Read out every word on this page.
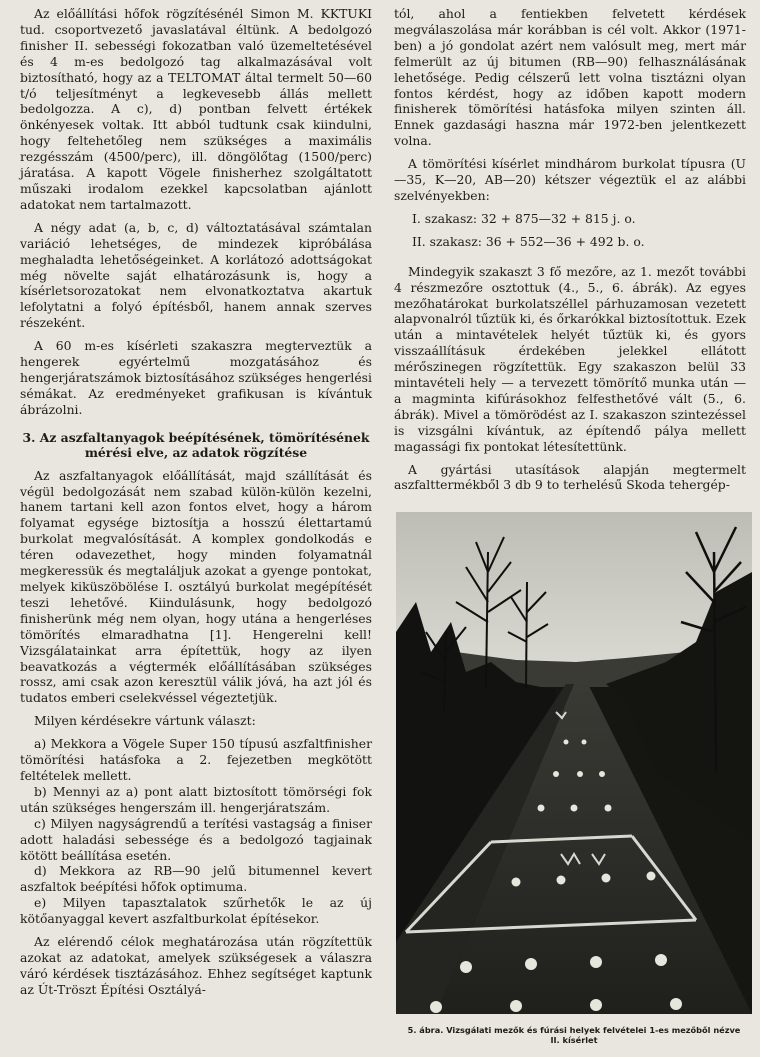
Az előállítási hőfok rögzítésénél Simon M. KKTUKI tud. csoportvezető javaslatával éltünk. A bedolgozó finisher II. sebességi fokozatban való üzemeltetésével és 4 m-es bedolgozó tag alkalmazásával volt biztosítható, hogy az a TELTOMAT által termelt 50—60 t/ó teljesítményt a legkevesebb állás mellett bedolgozza. A c), d) pontban felvett értékek önkényesek voltak. Itt abból tudtunk csak kiindulni, hogy feltehetőleg nem szükséges a maximális rezgésszám (4500/perc), ill. döngölőtag (1500/perc) járatása. A kapott Vögele finisherhez szolgáltatott műszaki irodalom ezekkel kapcsolatban ajánlott adatokat nem tartalmazott.

A négy adat (a, b, c, d) változtatásával számtalan variáció lehetséges, de mindezek kipróbálása meghaladta lehetőségeinket. A korlátozó adottságokat még növelte saját elhatározásunk is, hogy a kísérletsorozatokat nem elvonatkoztatva akartuk lefolytatni a folyó építésből, hanem annak szerves részeként.

A 60 m-es kísérleti szakaszra megterveztük a hengerek egyértelmű mozgatásához és hengerjáratszámok biztosításához szükséges hengerlési sémákat. Az eredményeket grafikusan is kívántuk ábrázolni.

3. Az aszfaltanyagok beépítésének, tömörítésének
mérési elve, az adatok rögzítése

Az aszfaltanyagok előállítását, majd szállítását és végül bedolgozását nem szabad külön-külön kezelni, hanem tartani kell azon fontos elvet, hogy a három folyamat egysége biztosítja a hosszú élettartamú burkolat megvalósítását. A komplex gondolkodás e téren odavezethet, hogy minden folyamatnál megkeressük és megtaláljuk azokat a gyenge pontokat, melyek kiküszöbölése I. osztályú burkolat megépítését teszi lehetővé. Kiindulásunk, hogy bedolgozó finisherünk még nem olyan, hogy utána a hengerléses tömörítés elmaradhatna [1]. Hengerelni kell! Vizsgálatainkat arra építettük, hogy az ilyen beavatkozás a végtermék előállításában szükséges rossz, ami csak azon keresztül válik jóvá, ha azt jól és tudatos emberi cselekvéssel végeztetjük.

Milyen kérdésekre vártunk választ:

a) Mekkora a Vögele Super 150 típusú aszfaltfinisher tömörítési hatásfoka a 2. fejezetben megkötött feltételek mellett.

b) Mennyi az a) pont alatt biztosított tömörségi fok után szükséges hengerszám ill. hengerjáratszám.

c) Milyen nagyságrendű a terítési vastagság a finiser adott haladási sebessége és a bedolgozó tagjainak kötött beállítása esetén.

d) Mekkora az RB—90 jelű bitumennel kevert aszfaltok beépítési hőfok optimuma.

e) Milyen tapasztalatok szűrhetők le az új kötőanyaggal kevert aszfaltburkolat építésekor.

Az elérendő célok meghatározása után rögzítettük azokat az adatokat, amelyek szükségesek a válaszra váró kérdések tisztázásához. Ehhez segítséget kaptunk az Út-Tröszt Építési Osztályá-

tól, ahol a fentiekben felvetett kérdések megválaszolása már korábban is cél volt. Akkor (1971-ben) a jó gondolat azért nem valósult meg, mert már felmerült az új bitumen (RB—90) felhasználásának lehetősége. Pedig célszerű lett volna tisztázni olyan fontos kérdést, hogy az időben kapott modern finisherek tömörítési hatásfoka milyen szinten áll. Ennek gazdasági haszna már 1972-ben jelentkezett volna.

A tömörítési kísérlet mindhárom burkolat típusra (U—35, K—20, AB—20) kétszer végeztük el az alábbi szelvényekben:

I. szakasz: 32 + 875—32 + 815 j. o.

II. szakasz: 36 + 552—36 + 492 b. o.

Mindegyik szakaszt 3 fő mezőre, az 1. mezőt további 4 részmezőre osztottuk (4., 5., 6. ábrák). Az egyes mezőhatárokat burkolatszéllel párhuzamosan vezetett alapvonalról tűztük ki, és őrkarókkal biztosítottuk. Ezek után a mintavételek helyét tűztük ki, és gyors visszaállításuk érdekében jelekkel ellátott mérőszinegen rögzítettük. Egy szakaszon belül 33 mintavételi hely — a tervezett tömörítő munka után — a magminta kifúrásokhoz felfesthetővé vált (5., 6. ábrák). Mivel a tömörödést az I. szakaszon szintezéssel is vizsgálni kívántuk, az építendő pálya mellett magassági fix pontokat létesítettünk.

A gyártási utasítások alapján megtermelt aszfalttermékből 3 db 9 to terhelésű Skoda tehergép-

5. ábra. Vizsgálati mezők és fúrási helyek felvételei 1-es mezőből nézve
II. kísérlet
